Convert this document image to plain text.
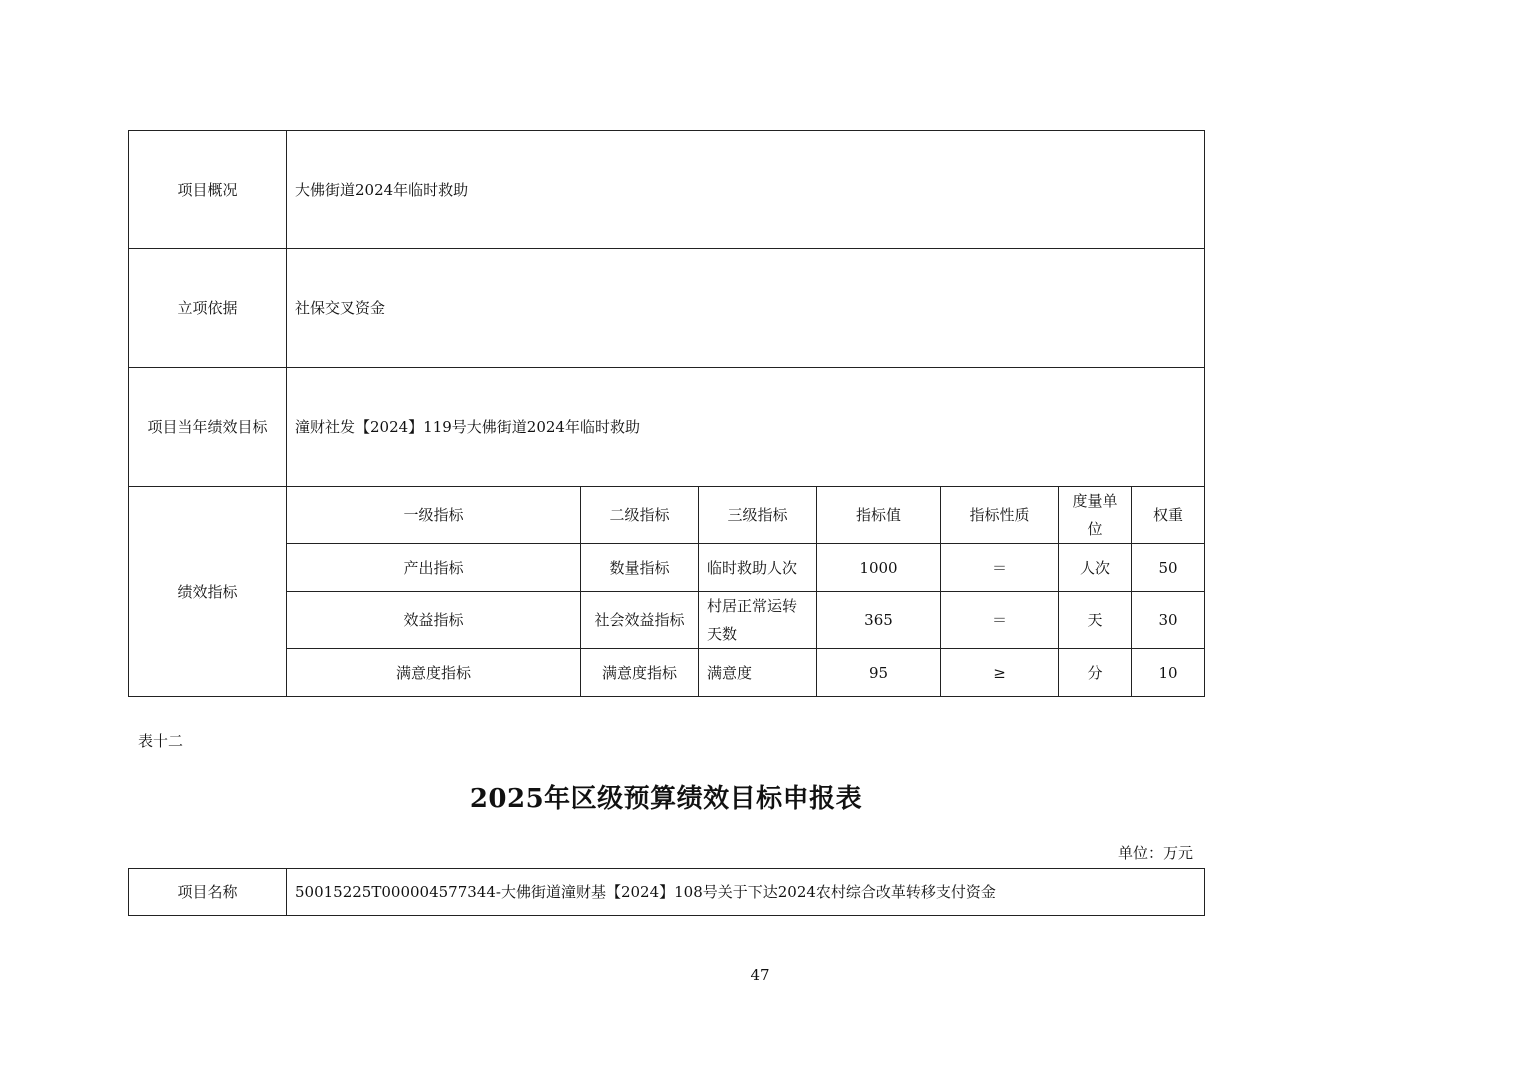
项目概况	大佛街道2024年临时救助						
立项依据	社保交叉资金						
项目当年绩效目标	潼财社发【2024】119号大佛街道2024年临时救助						
绩效指标	一级指标	二级指标	三级指标	指标值	指标性质	度量单位	权重
	产出指标	数量指标	临时救助人次	1000	＝	人次	50
	效益指标	社会效益指标	村居正常运转天数	365	＝	天	30
	满意度指标	满意度指标	满意度	95	≥	分	10
表十二
2025年区级预算绩效目标申报表
单位：万元
项目名称	50015225T000004577344-大佛街道潼财基【2024】108号关于下达2024农村综合改革转移支付资金
47
